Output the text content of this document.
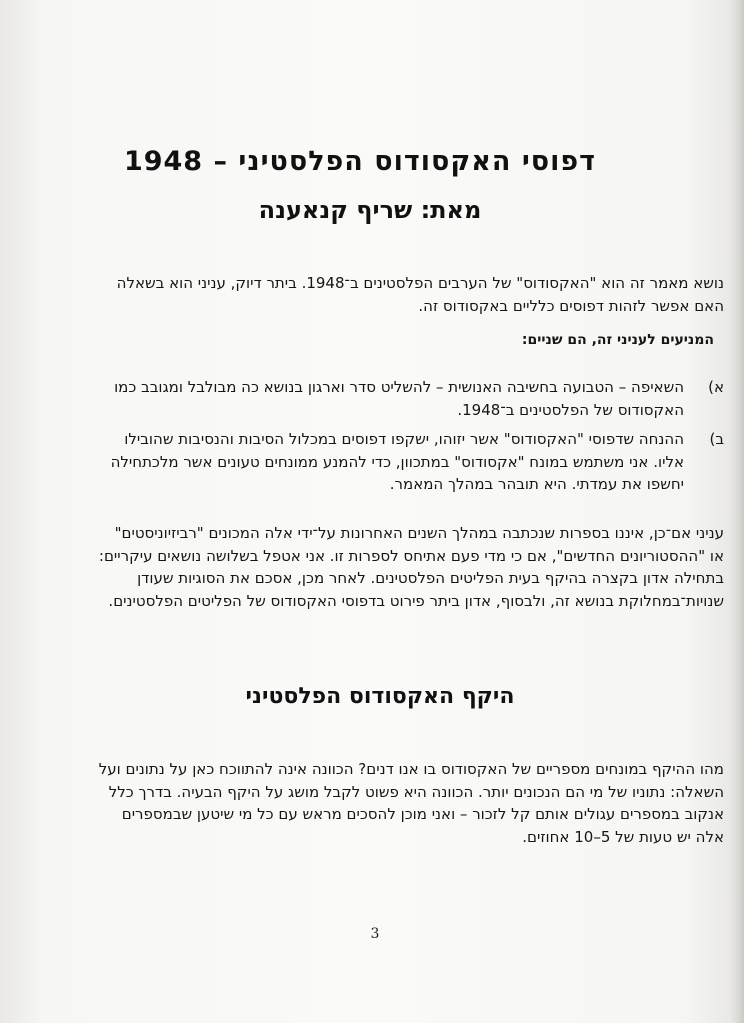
דפוסי האקסודוס הפלסטיני – 1948
מאת: שריף קנאענה
נושא מאמר זה הוא "האקסודוס" של הערבים הפלסטינים ב־1948. ביתר דיוק, עניני הוא בשאלה האם אפשר לזהות דפוסים כלליים באקסודוס זה.
המניעים לעניני זה, הם שניים:
א)
השאיפה – הטבועה בחשיבה האנושית – להשליט סדר וארגון בנושא כה מבולבל ומגובב כמו האקסודוס של הפלסטינים ב־1948.
ב)
ההנחה שדפוסי "האקסודוס" אשר יזוהו, ישקפו דפוסים במכלול הסיבות והנסיבות שהובילו אליו. אני משתמש במונח "אקסודוס" במתכוון, כדי להמנע ממונחים טעונים אשר מלכתחילה יחשפו את עמדתי. היא תובהר במהלך המאמר.
עניני אם־כן, איננו בספרות שנכתבה במהלך השנים האחרונות על־ידי אלה המכונים "רביזיוניסטים" או "ההסטוריונים החדשים", אם כי מדי פעם אתיחס לספרות זו. אני אטפל בשלושה נושאים עיקריים: בתחילה אדון בקצרה בהיקף בעית הפליטים הפלסטינים. לאחר מכן, אסכם את הסוגיות שעודן שנויות־במחלוקת בנושא זה, ולבסוף, אדון ביתר פירוט בדפוסי האקסודוס של הפליטים הפלסטינים.
היקף האקסודוס הפלסטיני
מהו ההיקף במונחים מספריים של האקסודוס בו אנו דנים? הכוונה אינה להתווכח כאן על נתונים ועל השאלה: נתוניו של מי הם הנכונים יותר. הכוונה היא פשוט לקבל מושג על היקף הבעיה. בדרך כלל אנקוב במספרים עגולים אותם קל לזכור – ואני מוכן להסכים מראש עם כל מי שיטען שבמספרים אלה יש טעות של 5–10 אחוזים.
3
